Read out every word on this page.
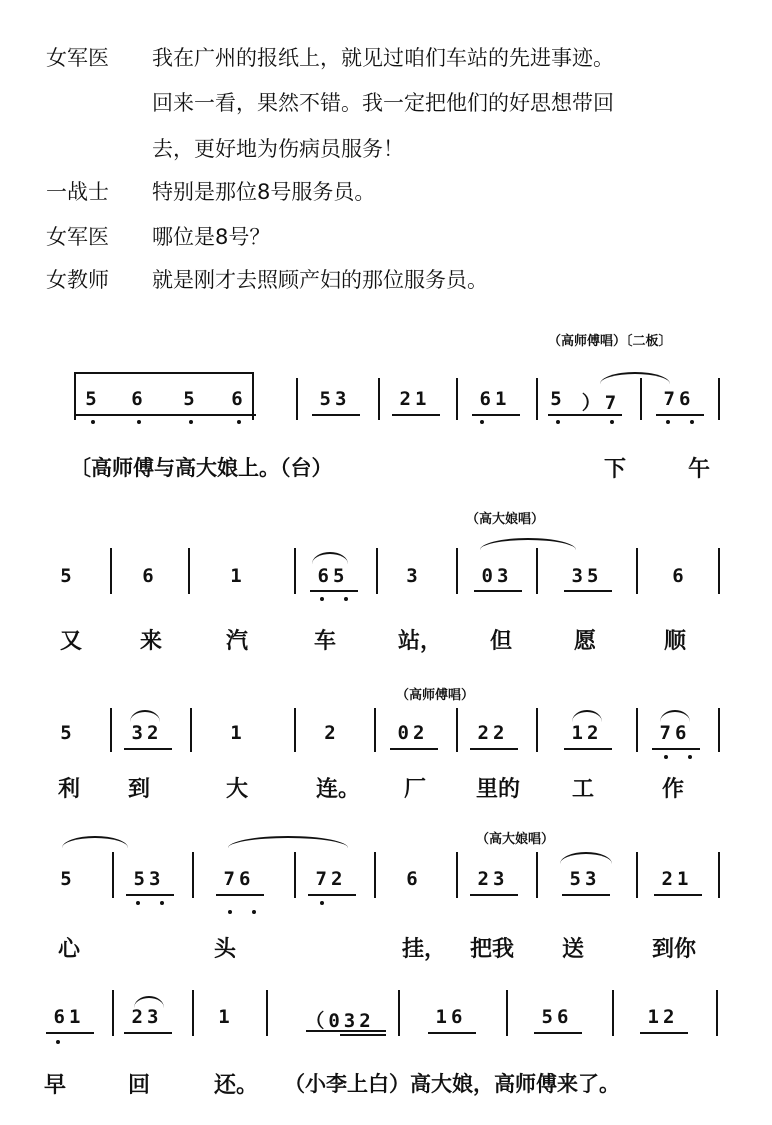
女军医	我在广州的报纸上，就见过咱们车站的先进事迹。
回来一看，果然不错。我一定把他们的好思想带回
去，更好地为伤病员服务！
一战士	特别是那位8号服务员。
女军医	哪位是8号？
女教师	就是刚才去照顾产妇的那位服务员。
（高师傅唱）〔二板〕
5	6	5	6	53	21	61	5 ）7	76
〔高师傅与高大娘上。（台）	下	午
（高大娘唱）
5	6	1	65	3	03	35	6
又	来	汽	车	站， 但	愿	顺
（高师傅唱）
5	32	1	2	02	22	12	76
利 到	大	连。 厂 里的 工	作
（高大娘唱）
5	53	76	72	6	23	53	21
心	头	挂， 把我 送	到你
61	23	1	（032	16	56	12
早	回	还。 （小李上白）高大娘，高师傅来了。
